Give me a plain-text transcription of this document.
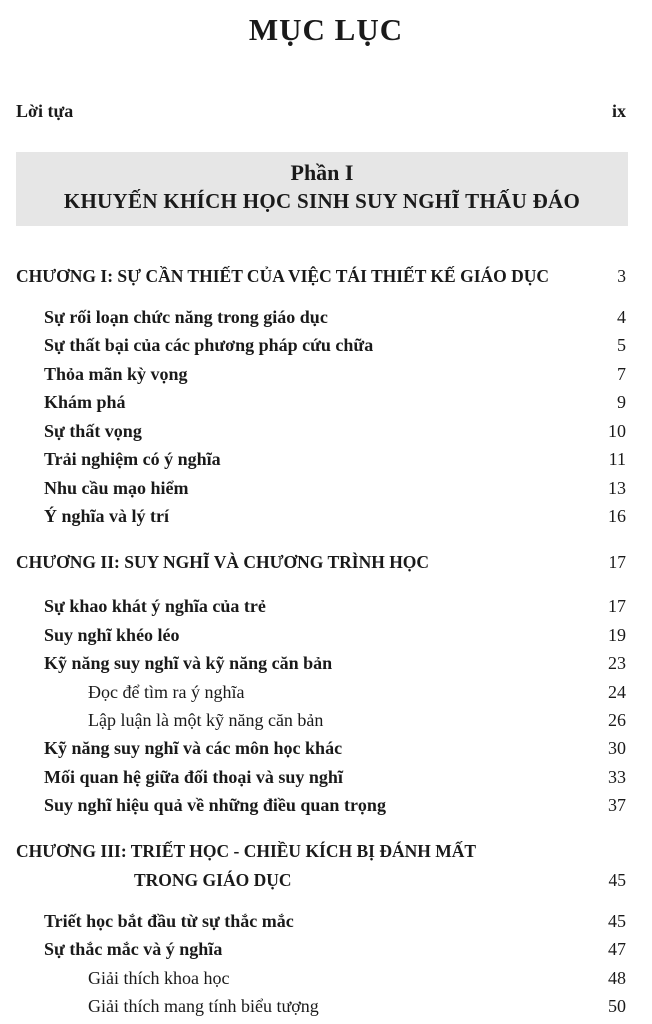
MỤC LỤC
Lời tựa	ix
Phần I
KHUYẾN KHÍCH HỌC SINH SUY NGHĨ THẤU ĐÁO
CHƯƠNG I: SỰ CẦN THIẾT CỦA VIỆC TÁI THIẾT KẾ GIÁO DỤC	3
Sự rối loạn chức năng trong giáo dục	4
Sự thất bại của các phương pháp cứu chữa	5
Thỏa mãn kỳ vọng	7
Khám phá	9
Sự thất vọng	10
Trải nghiệm có ý nghĩa	11
Nhu cầu mạo hiểm	13
Ý nghĩa và lý trí	16
CHƯƠNG II: SUY NGHĨ VÀ CHƯƠNG TRÌNH HỌC	17
Sự khao khát ý nghĩa của trẻ	17
Suy nghĩ khéo léo	19
Kỹ năng suy nghĩ và kỹ năng căn bản	23
Đọc để tìm ra ý nghĩa	24
Lập luận là một kỹ năng căn bản	26
Kỹ năng suy nghĩ và các môn học khác	30
Mối quan hệ giữa đối thoại và suy nghĩ	33
Suy nghĩ hiệu quả về những điều quan trọng	37
CHƯƠNG III: TRIẾT HỌC - CHIỀU KÍCH BỊ ĐÁNH MẤT
TRONG GIÁO DỤC	45
Triết học bắt đầu từ sự thắc mắc	45
Sự thắc mắc và ý nghĩa	47
Giải thích khoa học	48
Giải thích mang tính biểu tượng	50
